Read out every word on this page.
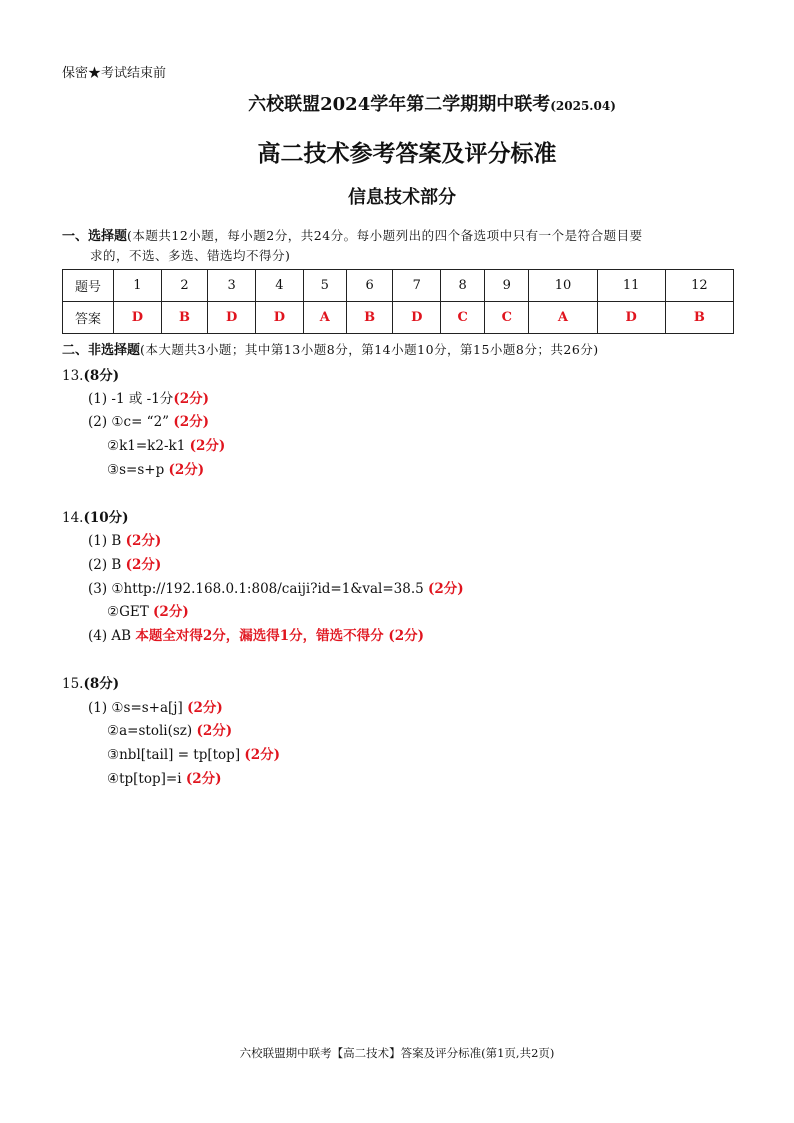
保密★考试结束前
六校联盟2024学年第二学期期中联考(2025.04)
高二技术参考答案及评分标准
信息技术部分
一、选择题(本题共12小题，每小题2分，共24分。每小题列出的四个备选项中只有一个是符合题目要
求的，不选、多选、错选均不得分)
题号	1	2	3	4	5	6	7	8	9	10	11	12
答案	D	B	D	D	A	B	D	C	C	A	D	B
二、非选择题(本大题共3小题；其中第13小题8分，第14小题10分，第15小题8分；共26分)
13.(8分)
(1) -1 或 -1分(2分)
(2) ①c= “2” (2分)
②k1=k2-k1 (2分)
③s=s+p (2分)
14.(10分)
(1) B (2分)
(2) B (2分)
(3) ①http://192.168.0.1:808/caiji?id=1&val=38.5 (2分)
②GET (2分)
(4) AB 本题全对得2分，漏选得1分，错选不得分 (2分)
15.(8分)
(1) ①s=s+a[j] (2分)
②a=stoli(sz) (2分)
③nbl[tail] = tp[top] (2分)
④tp[top]=i (2分)
六校联盟期中联考【高二技术】答案及评分标准(第1页,共2页)
